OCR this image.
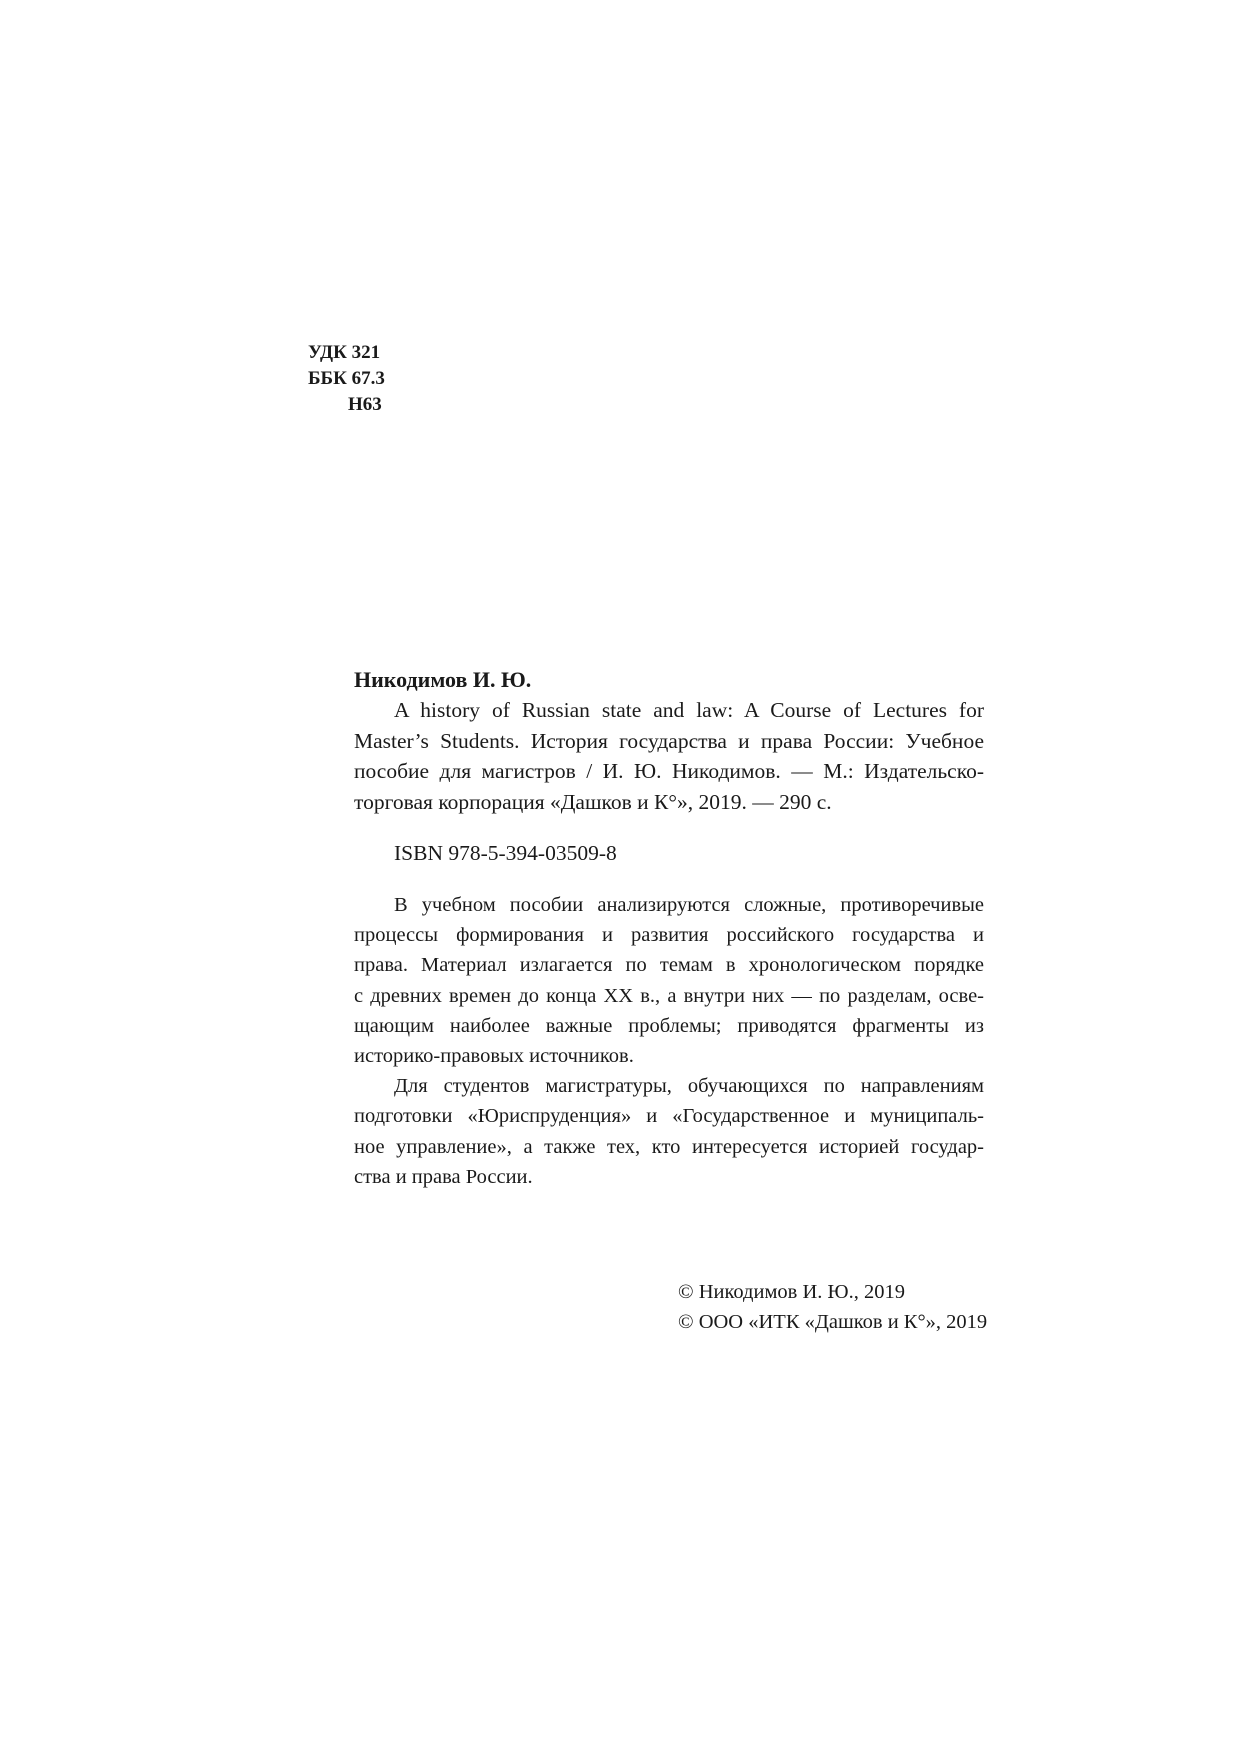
УДК 321
ББК 67.3
Н63

Никодимов И. Ю.

A history of Russian state and law: A Course of Lectures for
Master’s Students. История государства и права России: Учебное
пособие для магистров / И. Ю. Никодимов. — М.: Издательско-
торговая корпорация «Дашков и К°», 2019. — 290 с.
ISBN 978-5-394-03509-8
В учебном пособии анализируются сложные, противоречивые
процессы формирования и развития российского государства и
права. Материал излагается по темам в хронологическом порядке
с древних времен до конца XX в., а внутри них — по разделам, осве-
щающим наиболее важные проблемы; приводятся фрагменты из
историко-правовых источников.
Для студентов магистратуры, обучающихся по направлениям
подготовки «Юриспруденция» и «Государственное и муниципаль-
ное управление», а также тех, кто интересуется историей государ-
ства и права России.
© Никодимов И. Ю., 2019
© ООО «ИТК «Дашков и К°», 2019
